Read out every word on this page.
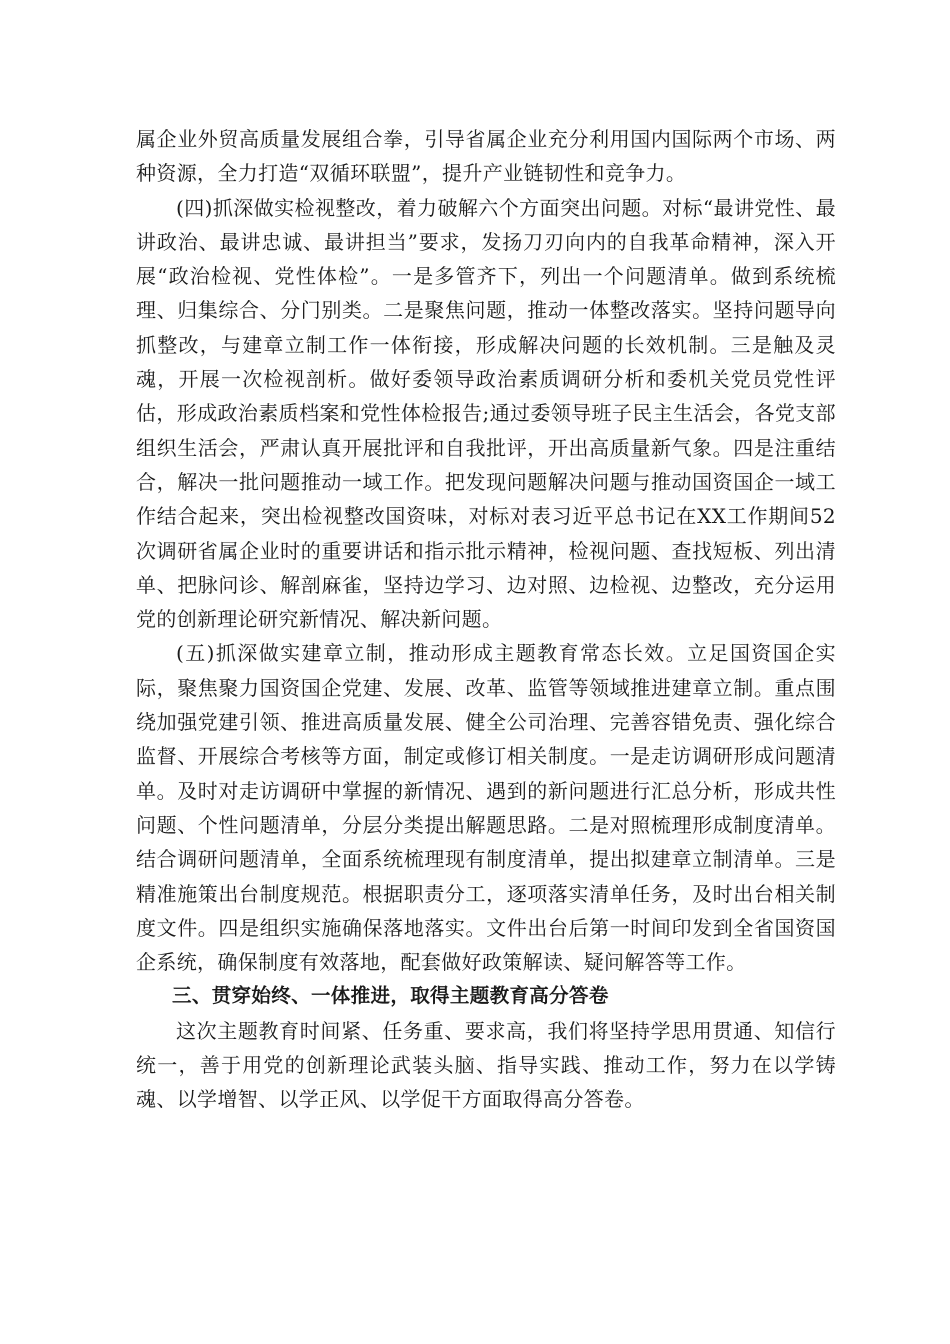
属企业外贸高质量发展组合拳，引导省属企业充分利用国内国际两个市场、两种资源，全力打造“双循环联盟”，提升产业链韧性和竞争力。

(四)抓深做实检视整改，着力破解六个方面突出问题。对标“最讲党性、最讲政治、最讲忠诚、最讲担当”要求，发扬刀刃向内的自我革命精神，深入开展“政治检视、党性体检”。一是多管齐下，列出一个问题清单。做到系统梳理、归集综合、分门别类。二是聚焦问题，推动一体整改落实。坚持问题导向抓整改，与建章立制工作一体衔接，形成解决问题的长效机制。三是触及灵魂，开展一次检视剖析。做好委领导政治素质调研分析和委机关党员党性评估，形成政治素质档案和党性体检报告;通过委领导班子民主生活会，各党支部组织生活会，严肃认真开展批评和自我批评，开出高质量新气象。四是注重结合，解决一批问题推动一域工作。把发现问题解决问题与推动国资国企一域工作结合起来，突出检视整改国资味，对标对表习近平总书记在XX工作期间52次调研省属企业时的重要讲话和指示批示精神，检视问题、查找短板、列出清单、把脉问诊、解剖麻雀，坚持边学习、边对照、边检视、边整改，充分运用党的创新理论研究新情况、解决新问题。

(五)抓深做实建章立制，推动形成主题教育常态长效。立足国资国企实际，聚焦聚力国资国企党建、发展、改革、监管等领域推进建章立制。重点围绕加强党建引领、推进高质量发展、健全公司治理、完善容错免责、强化综合监督、开展综合考核等方面，制定或修订相关制度。一是走访调研形成问题清单。及时对走访调研中掌握的新情况、遇到的新问题进行汇总分析，形成共性问题、个性问题清单，分层分类提出解题思路。二是对照梳理形成制度清单。结合调研问题清单，全面系统梳理现有制度清单，提出拟建章立制清单。三是精准施策出台制度规范。根据职责分工，逐项落实清单任务，及时出台相关制度文件。四是组织实施确保落地落实。文件出台后第一时间印发到全省国资国企系统，确保制度有效落地，配套做好政策解读、疑问解答等工作。

三、贯穿始终、一体推进，取得主题教育高分答卷

这次主题教育时间紧、任务重、要求高，我们将坚持学思用贯通、知信行统一，善于用党的创新理论武装头脑、指导实践、推动工作，努力在以学铸魂、以学增智、以学正风、以学促干方面取得高分答卷。
